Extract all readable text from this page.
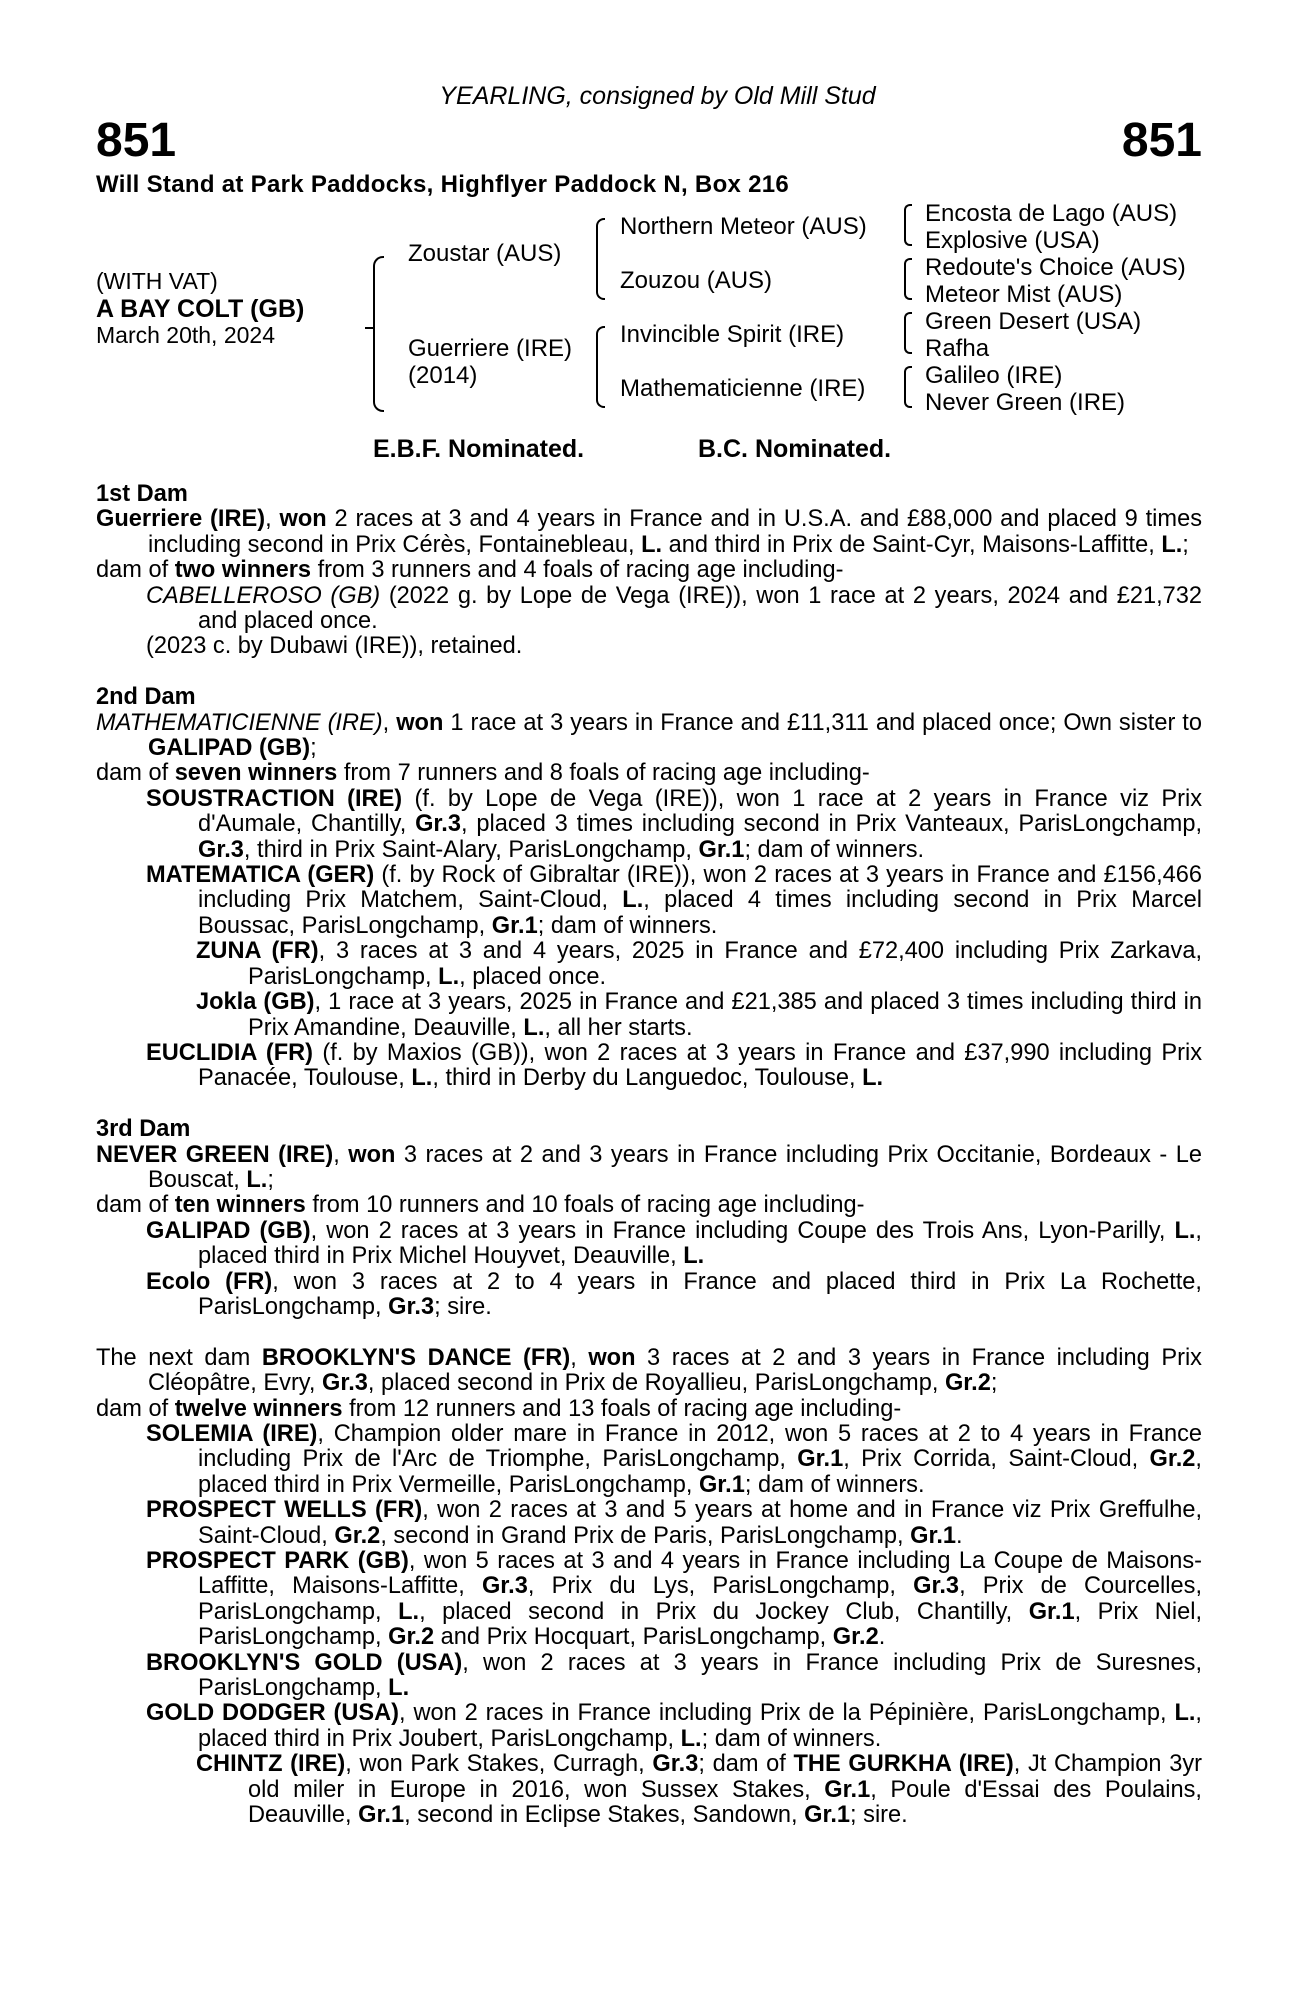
851	851
YEARLING, consigned by Old Mill Stud
Will Stand at Park Paddocks, Highflyer Paddock N, Box 216
(WITH VAT)
A BAY COLT (GB)
March 20th, 2024
Zoustar (AUS)
Guerriere (IRE)
(2014)
Northern Meteor (AUS)
Zouzou (AUS)
Invincible Spirit (IRE)
Mathematicienne (IRE)
Encosta de Lago (AUS)
Explosive (USA)
Redoute's Choice (AUS)
Meteor Mist (AUS)
Green Desert (USA)
Rafha
Galileo (IRE)
Never Green (IRE)
E.B.F. Nominated.	B.C. Nominated.

1st Dam

Guerriere (IRE), won 2 races at 3 and 4 years in France and in U.S.A. and £88,000 and placed 9 times including second in Prix Cérès, Fontainebleau, L. and third in Prix de Saint-Cyr, Maisons-Laffitte, L.;

dam of two winners from 3 runners and 4 foals of racing age including-

CABELLEROSO (GB) (2022 g. by Lope de Vega (IRE)), won 1 race at 2 years, 2024 and £21,732 and placed once.

(2023 c. by Dubawi (IRE)), retained.

2nd Dam

MATHEMATICIENNE (IRE), won 1 race at 3 years in France and £11,311 and placed once; Own sister to GALIPAD (GB);

dam of seven winners from 7 runners and 8 foals of racing age including-

SOUSTRACTION (IRE) (f. by Lope de Vega (IRE)), won 1 race at 2 years in France viz Prix d'Aumale, Chantilly, Gr.3, placed 3 times including second in Prix Vanteaux, ParisLongchamp, Gr.3, third in Prix Saint-Alary, ParisLongchamp, Gr.1; dam of winners.

MATEMATICA (GER) (f. by Rock of Gibraltar (IRE)), won 2 races at 3 years in France and £156,466 including Prix Matchem, Saint-Cloud, L., placed 4 times including second in Prix Marcel Boussac, ParisLongchamp, Gr.1; dam of winners.

ZUNA (FR), 3 races at 3 and 4 years, 2025 in France and £72,400 including Prix Zarkava, ParisLongchamp, L., placed once.

Jokla (GB), 1 race at 3 years, 2025 in France and £21,385 and placed 3 times including third in Prix Amandine, Deauville, L., all her starts.

EUCLIDIA (FR) (f. by Maxios (GB)), won 2 races at 3 years in France and £37,990 including Prix Panacée, Toulouse, L., third in Derby du Languedoc, Toulouse, L.

3rd Dam

NEVER GREEN (IRE), won 3 races at 2 and 3 years in France including Prix Occitanie, Bordeaux - Le Bouscat, L.;

dam of ten winners from 10 runners and 10 foals of racing age including-

GALIPAD (GB), won 2 races at 3 years in France including Coupe des Trois Ans, Lyon-Parilly, L., placed third in Prix Michel Houyvet, Deauville, L.

Ecolo (FR), won 3 races at 2 to 4 years in France and placed third in Prix La Rochette, ParisLongchamp, Gr.3; sire.

The next dam BROOKLYN'S DANCE (FR), won 3 races at 2 and 3 years in France including Prix Cléopâtre, Evry, Gr.3, placed second in Prix de Royallieu, ParisLongchamp, Gr.2;

dam of twelve winners from 12 runners and 13 foals of racing age including-

SOLEMIA (IRE), Champion older mare in France in 2012, won 5 races at 2 to 4 years in France including Prix de l'Arc de Triomphe, ParisLongchamp, Gr.1, Prix Corrida, Saint-Cloud, Gr.2, placed third in Prix Vermeille, ParisLongchamp, Gr.1; dam of winners.

PROSPECT WELLS (FR), won 2 races at 3 and 5 years at home and in France viz Prix Greffulhe, Saint-Cloud, Gr.2, second in Grand Prix de Paris, ParisLongchamp, Gr.1.

PROSPECT PARK (GB), won 5 races at 3 and 4 years in France including La Coupe de Maisons-Laffitte, Maisons-Laffitte, Gr.3, Prix du Lys, ParisLongchamp, Gr.3, Prix de Courcelles, ParisLongchamp, L., placed second in Prix du Jockey Club, Chantilly, Gr.1, Prix Niel, ParisLongchamp, Gr.2 and Prix Hocquart, ParisLongchamp, Gr.2.

BROOKLYN'S GOLD (USA), won 2 races at 3 years in France including Prix de Suresnes, ParisLongchamp, L.

GOLD DODGER (USA), won 2 races in France including Prix de la Pépinière, ParisLongchamp, L., placed third in Prix Joubert, ParisLongchamp, L.; dam of winners.

CHINTZ (IRE), won Park Stakes, Curragh, Gr.3; dam of THE GURKHA (IRE), Jt Champion 3yr old miler in Europe in 2016, won Sussex Stakes, Gr.1, Poule d'Essai des Poulains, Deauville, Gr.1, second in Eclipse Stakes, Sandown, Gr.1; sire.
